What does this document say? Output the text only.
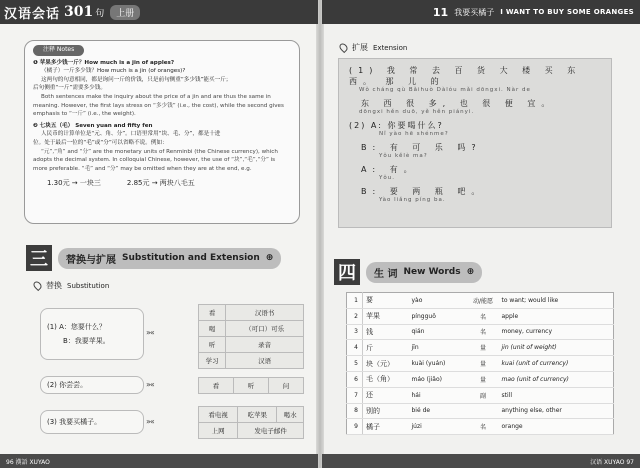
汉语会话 301 句	上册	11 我要买橘子 I WANT TO BUY SOME ORANGES
注释 Notes
❶ 苹果多少钱一斤？How much is a jin of apples?
（橘子）一斤多少钱？How much is a jin (of oranges)?
这两句的句意相同，都是询问一斤的价钱，只是前句侧重“多少钱”能买一斤；
后句侧重“一斤”需要多少钱。
Both sentences make the inquiry about the price of a jin and are thus the same in
meaning. However, the first lays stress on “多少钱” (i.e., the cost), while the second gives
emphasis to “一斤” (i.e., the weight).
❷ 七块五（毛） Seven yuan and fifty fen
人民币的计算单位是“元、角、分”。口语里常用“块、毛、分”，都是十进
位。处于最后一位的“毛”或“分”可以省略不说。例如：
“元”,“角” and “分” are the monetary units of Renminbi (the Chinese currency), which
adopts the decimal system. In colloquial Chinese, however, the use of “块”,“毛”,“分” is
more preferable. “毛” and “分” may be omitted when they are at the end, e.g.
1.30元 → 一块三	2.85元 → 两块八毛五
三	替换与扩展 Substitution and Extension ⊕
替换 Substitution
(1) A：您要什么？
B：我要苹果。
»«
看	汉语书
喝	（可口）可乐
听	录音
学习	汉语
(2) 你尝尝。	»«	看	听	问
(3) 我要买橘子。	»«
看电视	吃苹果	喝水
上网	发电子邮件	
扩展 Extension
(1) 我 常 去 百 货 大 楼 买 东 西。 那 儿 的
Wǒ cháng qù Bǎihuò Dàlóu mǎi dōngxi. Nàr de
东 西 很 多, 也 很 便 宜。
dōngxi hěn duō, yě hěn piányi.
(2) A: 你要喝什么?
Nǐ yào hē shénme?
B: 有 可 乐 吗?
Yǒu kělè ma?
A: 有。
Yǒu.
B: 要 两 瓶 吧。
Yào liǎng píng ba.
四	生 词 New Words ⊕
1	要	yào	动/能愿	to want; would like
2	苹果	píngguǒ	名	apple
3	钱	qián	名	money, currency
4	斤	jīn	量	jin (unit of weight)
5	块（元）	kuài (yuán)	量	kuai (unit of currency)
6	毛（角）	máo (jiǎo)	量	mao (unit of currency)
7	还	hái	副	still
8	别的	bié de		anything else, other
9	橘子	júzi	名	orange
96 漢語 XUYAO	汉语 XUYAO 97
